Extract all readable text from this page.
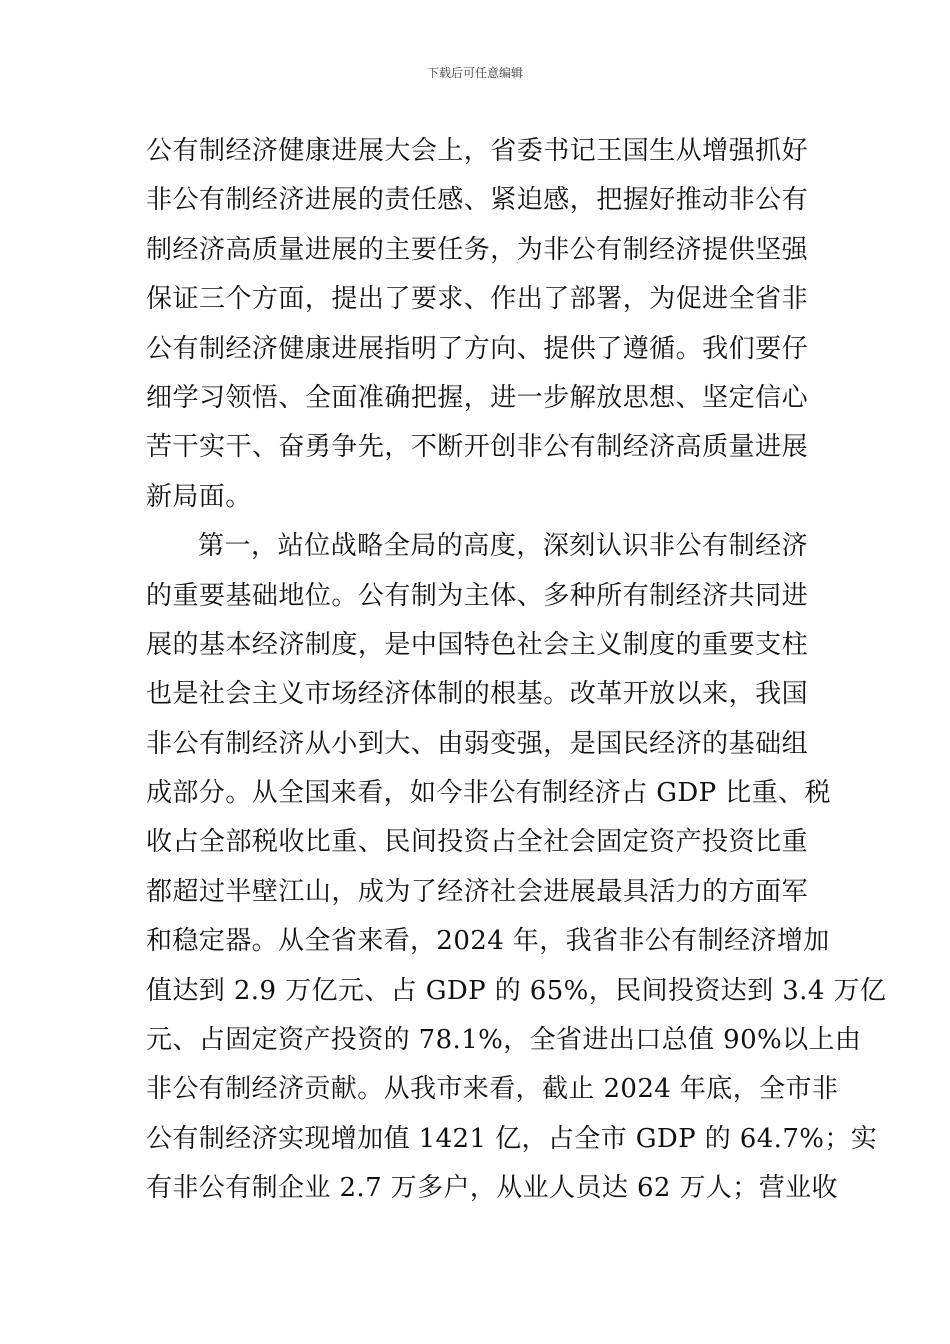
下载后可任意编辑
公有制经济健康进展大会上，省委书记王国生从增强抓好
非公有制经济进展的责任感、紧迫感，把握好推动非公有
制经济高质量进展的主要任务，为非公有制经济提供坚强
保证三个方面，提出了要求、作出了部署，为促进全省非
公有制经济健康进展指明了方向、提供了遵循。我们要仔
细学习领悟、全面准确把握，进一步解放思想、坚定信心
苦干实干、奋勇争先，不断开创非公有制经济高质量进展
新局面。
第一，站位战略全局的高度，深刻认识非公有制经济
的重要基础地位。公有制为主体、多种所有制经济共同进
展的基本经济制度，是中国特色社会主义制度的重要支柱
也是社会主义市场经济体制的根基。改革开放以来，我国
非公有制经济从小到大、由弱变强，是国民经济的基础组
成部分。从全国来看，如今非公有制经济占 GDP 比重、税
收占全部税收比重、民间投资占全社会固定资产投资比重
都超过半壁江山，成为了经济社会进展最具活力的方面军
和稳定器。从全省来看，2024 年，我省非公有制经济增加
值达到 2.9 万亿元、占 GDP 的 65%，民间投资达到 3.4 万亿
元、占固定资产投资的 78.1%，全省进出口总值 90%以上由
非公有制经济贡献。从我市来看，截止 2024 年底，全市非
公有制经济实现增加值 1421 亿，占全市 GDP 的 64.7%；实
有非公有制企业 2.7 万多户，从业人员达 62 万人；营业收
